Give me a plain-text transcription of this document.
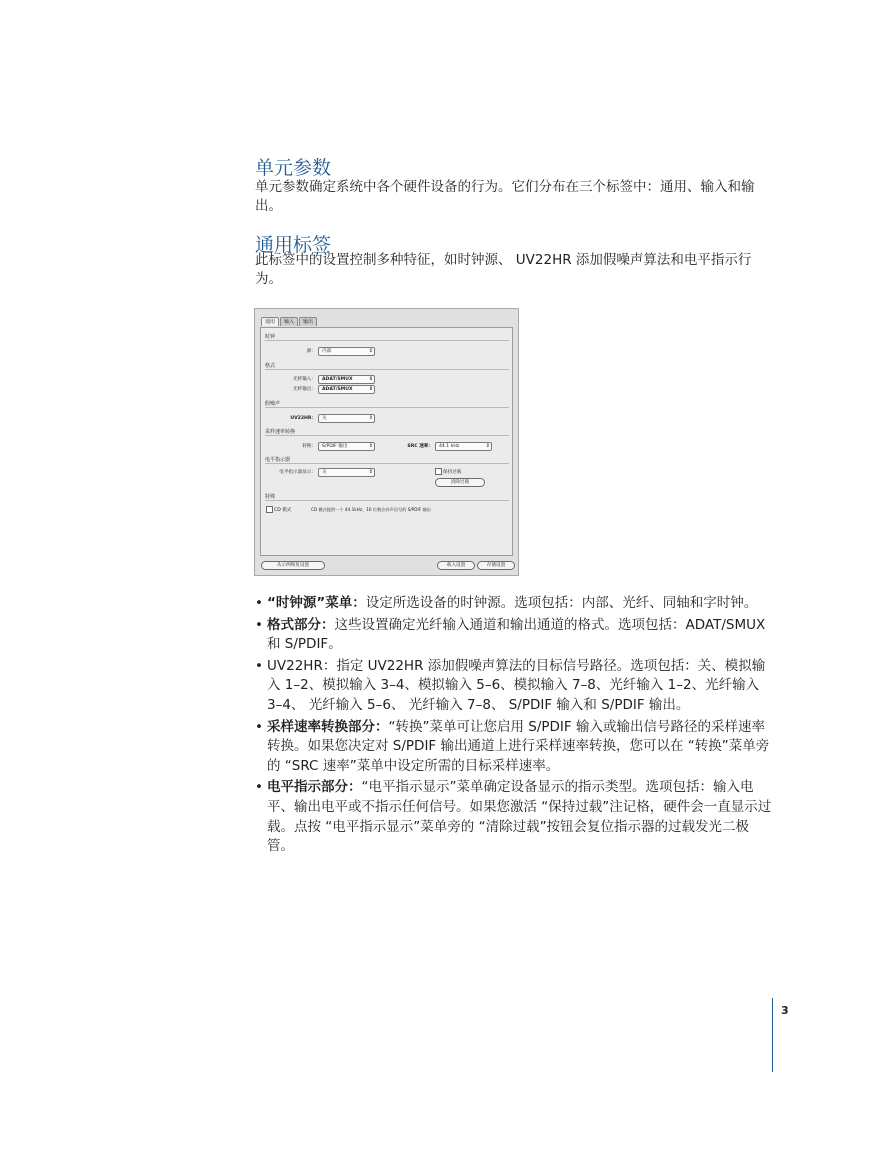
单元参数

单元参数确定系统中各个硬件设备的行为。它们分布在三个标签中：通用、输入和输出。

通用标签

此标签中的设置控制多种特征，如时钟源、 UV22HR 添加假噪声算法和电平指示行为。

通用	输入	输出
时钟
源：	内部 ⇕
格式
光纤输入：	ADAT/SMUX ⇕
光纤输出：	ADAT/SMUX ⇕
假噪声
UV22HR：	关 ⇕
采样速率转换
转换：	S/PDIF 输出 ⇕	SRC 速率：	44.1 kHz ⇕
电平指示器
电平指示器显示：	关 ⇕	保持过载
清除过载
特殊
CD 模式	CD 模式提供一个 44.1kHz、16 位数位抖声信号的 S/PDIF 输出
从示例恢复设置	载入设置	存储设置
• “时钟源”菜单：设定所选设备的时钟源。选项包括：内部、光纤、同轴和字时钟。
• 格式部分：这些设置确定光纤输入通道和输出通道的格式。选项包括：ADAT/SMUX 和 S/PDIF。
• UV22HR：指定 UV22HR 添加假噪声算法的目标信号路径。选项包括：关、模拟输入 1–2、模拟输入 3–4、模拟输入 5–6、模拟输入 7–8、光纤输入 1–2、光纤输入 3–4、 光纤输入 5–6、 光纤输入 7–8、 S/PDIF 输入和 S/PDIF 输出。
• 采样速率转换部分：“转换”菜单可让您启用 S/PDIF 输入或输出信号路径的采样速率转换。如果您决定对 S/PDIF 输出通道上进行采样速率转换，您可以在 “转换”菜单旁的 “SRC 速率”菜单中设定所需的目标采样速率。
• 电平指示部分：“电平指示显示”菜单确定设备显示的指示类型。选项包括：输入电平、输出电平或不指示任何信号。如果您激活 “保持过载”注记格，硬件会一直显示过载。点按 “电平指示显示”菜单旁的 “清除过载”按钮会复位指示器的过载发光二极管。
3
